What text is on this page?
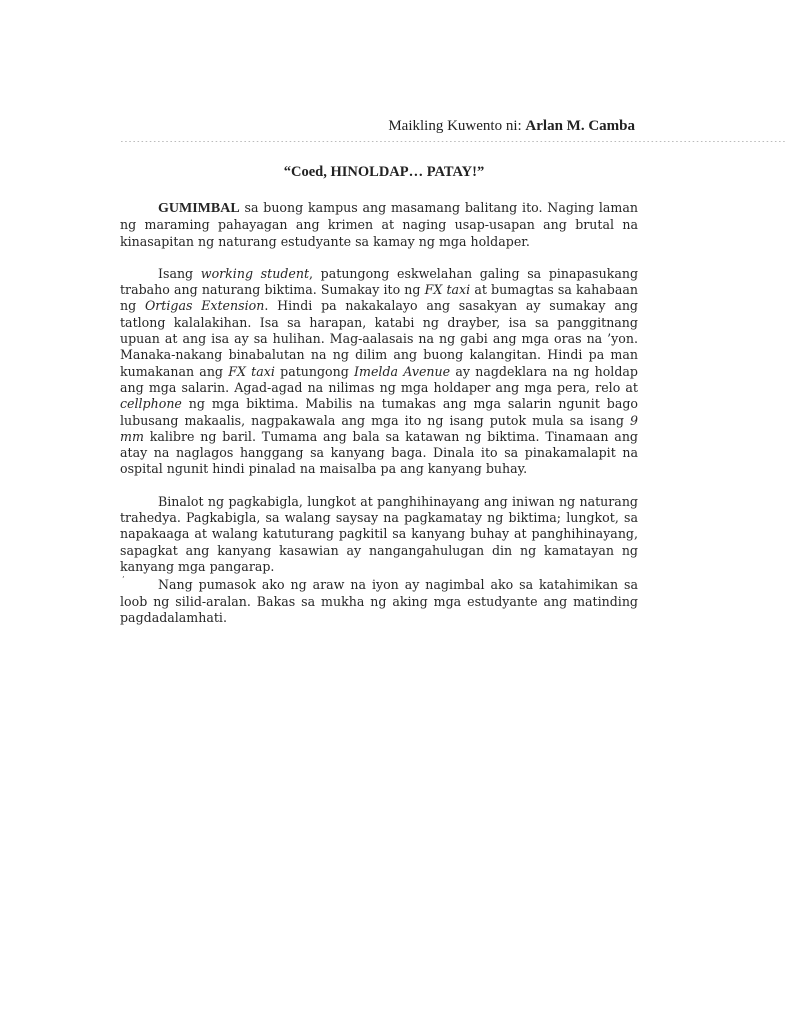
Maikling Kuwento ni: Arlan M. Camba
------------------------------------------------------------------------------------------------------------------------------------------------------------------
“Coed, HINOLDAP… PATAY!”

GUMIMBAL sa buong kampus ang masamang balitang ito. Naging laman ng maraming pahayagan ang krimen at naging usap-usapan ang brutal na kinasapitan ng naturang estudyante sa kamay ng mga holdaper.

Isang working student, patungong eskwelahan galing sa pinapasukang trabaho ang naturang biktima. Sumakay ito ng FX taxi at bumagtas sa kahabaan ng Ortigas Extension. Hindi pa nakakalayo ang sasakyan ay sumakay ang tatlong kalalakihan. Isa sa harapan, katabi ng drayber, isa sa panggitnang upuan at ang isa ay sa hulihan. Mag-aalasais na ng gabi ang mga oras na ’yon. Manaka-nakang binabalutan na ng dilim ang buong kalangitan. Hindi pa man kumakanan ang FX taxi patungong Imelda Avenue ay nagdeklara na ng holdap ang mga salarin. Agad-agad na nilimas ng mga holdaper ang mga pera, relo at cellphone ng mga biktima. Mabilis na tumakas ang mga salarin ngunit bago lubusang makaalis, nagpakawala ang mga ito ng isang putok mula sa isang 9 mm kalibre ng baril. Tumama ang bala sa katawan ng biktima. Tinamaan ang atay na naglagos hanggang sa kanyang baga. Dinala ito sa pinakamalapit na ospital ngunit hindi pinalad na maisalba pa ang kanyang buhay.

Binalot ng pagkabigla, lungkot at panghihinayang ang iniwan ng naturang trahedya. Pagkabigla, sa walang saysay na pagkamatay ng biktima; lungkot, sa napakaaga at walang katuturang pagkitil sa kanyang buhay at panghihinayang, sapagkat ang kanyang kasawian ay nangangahulugan din ng kamatayan ng kanyang mga pangarap.

’	Nang pumasok ako ng araw na iyon ay nagimbal ako sa katahimikan sa loob ng silid-aralan. Bakas sa mukha ng aking mga estudyante ang matinding pagdadalamhati.
